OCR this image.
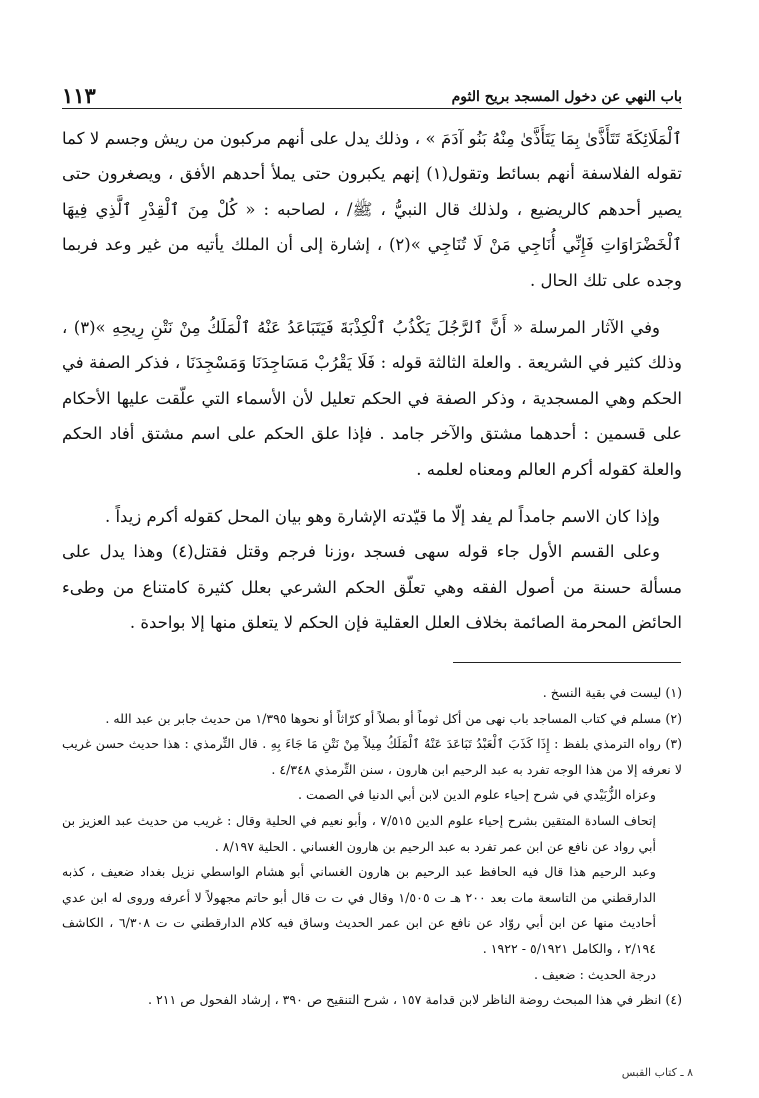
باب النهي عن دخول المسجد بريح الثوم
١١٣

ٱلْمَلَائِكَةَ تَتَأَذَّىٰ بِمَا يَتَأَذَّىٰ مِنْهُ بَنُو آدَمَ » ، وذلك يدل على أنهم مركبون من ريش وجسم لا كما تقوله الفلاسفة أنهم بسائط وتقول(١) إنهم يكبرون حتى يملأ أحدهم الأفق ، ويصغرون حتى يصير أحدهم كالريضيع ، ولذلك قال النبيُّ ، ﷺ/ ، لصاحبه : « كُلْ مِنَ ٱلْقِدْرِ ٱلَّذِي فِيهَا ٱلْخَضْرَاوَاتِ فَإِنِّي أُنَاجِي مَنْ لَا تُنَاجِي »(٢) ، إشارة إلى أن الملك يأتيه من غير وعد فربما وجده على تلك الحال .

وفي الآثار المرسلة « أَنَّ ٱلرَّجُلَ يَكْذُبُ ٱلْكِذْبَةَ فَيَتَبَاعَدُ عَنْهُ ٱلْمَلَكُ مِنْ نَتْنِ رِيحِهِ »(٣) ، وذلك كثير في الشريعة . والعلة الثالثة قوله : فَلَا يَقْرُبْ مَسَاجِدَنَا وَمَسْجِدَنَا ، فذكر الصفة في الحكم وهي المسجدية ، وذكر الصفة في الحكم تعليل لأن الأسماء التي علّقت عليها الأحكام على قسمين : أحدهما مشتق والآخر جامد . فإذا علق الحكم على اسم مشتق أفاد الحكم والعلة كقوله أكرم العالم ومعناه لعلمه .

وإذا كان الاسم جامداً لم يفد إلّا ما قيّدته الإشارة وهو بيان المحل كقوله أكرم زيداً .

وعلى القسم الأول جاء قوله سهى فسجد ،وزنا فرجم وقتل فقتل(٤) وهذا يدل على مسألة حسنة من أصول الفقه وهي تعلّق الحكم الشرعي بعلل كثيرة كامتناع من وطىء الحائض المحرمة الصائمة بخلاف العلل العقلية فإن الحكم لا يتعلق منها إلا بواحدة .

(١) ليست في بقية النسخ .

(٢) مسلم في كتاب المساجد باب نهى من أكل ثوماً أو بصلاً أو كرّاثاً أو نحوها ١/٣٩٥ من حديث جابر بن عبد الله .

(٣) رواه الترمذي بلفظ : إِذَا كَذَبَ ٱلْعَبْدُ تَبَاعَدَ عَنْهُ ٱلْمَلَكُ مِيلاً مِنْ نَتْنِ مَا جَاءَ بِهِ . قال التِّرمذي : هذا حديث حسن غريب لا نعرفه إلا من هذا الوجه تفرد به عبد الرحيم ابن هارون ، سنن التِّرمذي ٤/٣٤٨ .

وعزاه الزُّبَيْدي في شرح إحياء علوم الدين لابن أبي الدنيا في الصمت .

إتحاف السادة المتقين بشرح إحياء علوم الدين ٧/٥١٥ ، وأبو نعيم في الحلية وقال : غريب من حديث عبد العزيز بن أبي رواد عن نافع عن ابن عمر تفرد به عبد الرحيم بن هارون الغساني . الحلية ٨/١٩٧ .

وعبد الرحيم هذا قال فيه الحافظ عبد الرحيم بن هارون الغساني أبو هشام الواسطي نزيل بغداد ضعيف ، كذبه الدارقطني من التاسعة مات بعد ٢٠٠ هـ ت ١/٥٠٥ وقال في ت ت قال أبو حاتم مجهولاً لا أعرفه وروى له ابن عدي أحاديث منها عن ابن أبي روّاد عن نافع عن ابن عمر الحديث وساق فيه كلام الدارقطني ت ت ٦/٣٠٨ ، الكاشف ٢/١٩٤ ، والكامل ٥/١٩٢١ - ١٩٢٢ .

درجة الحديث : ضعيف .

(٤) انظر في هذا المبحث روضة الناظر لابن قدامة ١٥٧ ، شرح التنقيح ص ٣٩٠ ، إرشاد الفحول ص ٢١١ .

٨ ـ كتاب القبس
